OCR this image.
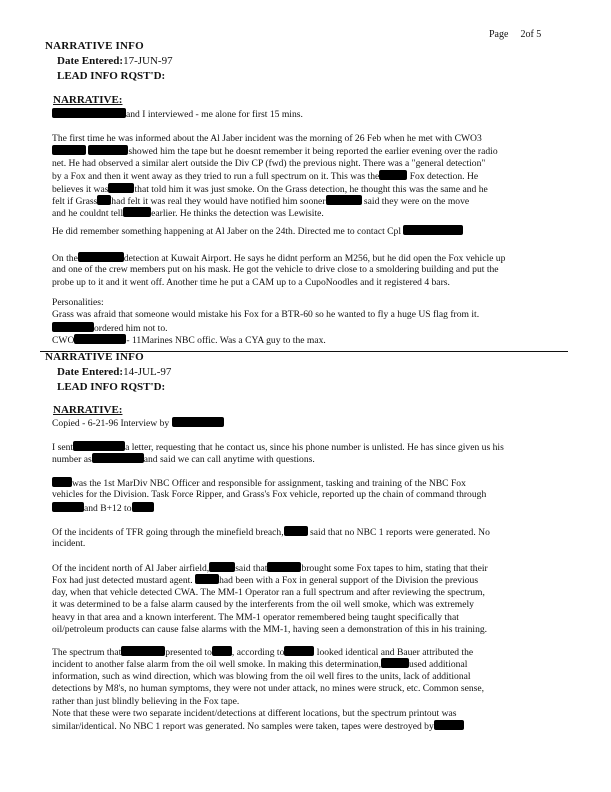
Page 2of 5
NARRATIVE INFO
Date Entered:17-JUN-97
LEAD INFO RQST'D:
NARRATIVE:
and I interviewed - me alone for first 15 mins.
The first time he was informed about the Al Jaber incident was the morning of 26 Feb when he met with CWO3
showed him the tape but he doesnt remember it being reported the earlier evening over the radio
net. He had observed a similar alert outside the Div CP (fwd) the previous night. There was a "general detection"
by a Fox and then it went away as they tried to run a full spectrum on it. This was the	Fox detection. He
believes it was	that told him it was just smoke. On the Grass detection, he thought this was the same and he
felt if Grass had felt it was real they would have notified him sooner	said they were on the move
and he couldnt tell	earlier. He thinks the detection was Lewisite.
He did remember something happening at Al Jaber on the 24th. Directed me to contact Cpl
On the	detection at Kuwait Airport. He says he didnt perform an M256, but he did open the Fox vehicle up
and one of the crew members put on his mask. He got the vehicle to drive close to a smoldering building and put the
probe up to it and it went off. Another time he put a CAM up to a CupoNoodles and it registered 4 bars.
Personalities:
Grass was afraid that someone would mistake his Fox for a BTR-60 so he wanted to fly a huge US flag from it.
ordered him not to.
CWO	- 11Marines NBC offic. Was a CYA guy to the max.
NARRATIVE INFO
Date Entered:14-JUL-97
LEAD INFO RQST'D:
NARRATIVE:
Copied - 6-21-96 Interview by
I sent	a letter, requesting that he contact us, since his phone number is unlisted. He has since given us his
number as	and said we can call anytime with questions.
was the 1st MarDiv NBC Officer and responsible for assignment, tasking and training of the NBC Fox
vehicles for the Division. Task Force Ripper, and Grass's Fox vehicle, reported up the chain of command through
and B+12 to
Of the incidents of TFR going through the minefield breach,	said that no NBC 1 reports were generated. No
incident.
Of the incident north of Al Jaber airfield,	said that	brought some Fox tapes to him, stating that their
Fox had just detected mustard agent.	had been with a Fox in general support of the Division the previous
day, when that vehicle detected CWA. The MM-1 Operator ran a full spectrum and after reviewing the spectrum,
it was determined to be a false alarm caused by the interferents from the oil well smoke, which was extremely
heavy in that area and a known interferent. The MM-1 operator remembered being taught specifically that
oil/petroleum products can cause false alarms with the MM-1, having seen a demonstration of this in his training.
The spectrum that	presented to , according to	looked identical and Bauer attributed the
incident to another false alarm from the oil well smoke. In making this determination,	used additional
information, such as wind direction, which was blowing from the oil well fires to the units, lack of additional
detections by M8's, no human symptoms, they were not under attack, no mines were struck, etc. Common sense,
rather than just blindly believing in the Fox tape.
Note that these were two separate incident/detections at different locations, but the spectrum printout was
similar/identical. No NBC 1 report was generated. No samples were taken, tapes were destroyed by
